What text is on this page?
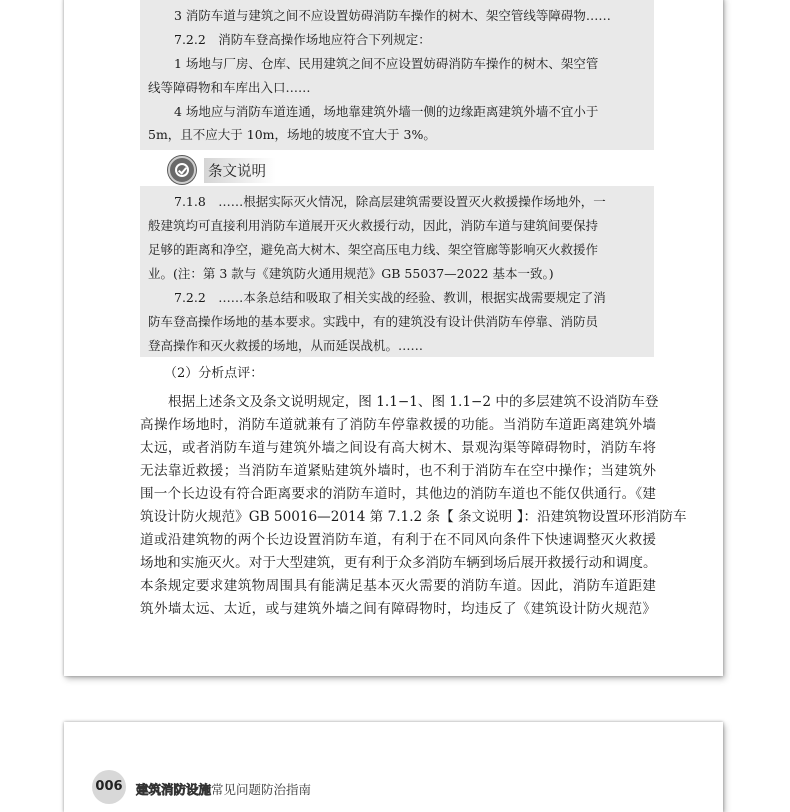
3 消防车道与建筑之间不应设置妨碍消防车操作的树木、架空管线等障碍物……
7.2.2　消防车登高操作场地应符合下列规定：
1 场地与厂房、仓库、民用建筑之间不应设置妨碍消防车操作的树木、架空管
线等障碍物和车库出入口……
4 场地应与消防车道连通，场地靠建筑外墙一侧的边缘距离建筑外墙不宜小于
5m，且不应大于 10m，场地的坡度不宜大于 3%。
条文说明
7.1.8　……根据实际灭火情况，除高层建筑需要设置灭火救援操作场地外，一
般建筑均可直接利用消防车道展开灭火救援行动，因此，消防车道与建筑间要保持
足够的距离和净空，避免高大树木、架空高压电力线、架空管廊等影响灭火救援作
业。(注：第 3 款与《建筑防火通用规范》GB 55037—2022 基本一致。)
7.2.2　……本条总结和吸取了相关实战的经验、教训，根据实战需要规定了消
防车登高操作场地的基本要求。实践中，有的建筑没有设计供消防车停靠、消防员
登高操作和灭火救援的场地，从而延误战机。……
（2）分析点评：
根据上述条文及条文说明规定，图 1.1−1、图 1.1−2 中的多层建筑不设消防车登
高操作场地时，消防车道就兼有了消防车停靠救援的功能。当消防车道距离建筑外墙
太远，或者消防车道与建筑外墙之间设有高大树木、景观沟渠等障碍物时，消防车将
无法靠近救援；当消防车道紧贴建筑外墙时，也不利于消防车在空中操作；当建筑外
围一个长边设有符合距离要求的消防车道时，其他边的消防车道也不能仅供通行。《建
筑设计防火规范》GB 50016—2014 第 7.1.2 条【 条文说明 】：沿建筑物设置环形消防车
道或沿建筑物的两个长边设置消防车道，有利于在不同风向条件下快速调整灭火救援
场地和实施灭火。对于大型建筑，更有利于众多消防车辆到场后展开救援行动和调度。
本条规定要求建筑物周围具有能满足基本灭火需要的消防车道。因此，消防车道距建
筑外墙太远、太近，或与建筑外墙之间有障碍物时，均违反了《建筑设计防火规范》
006 建筑消防设施常见问题防治指南
